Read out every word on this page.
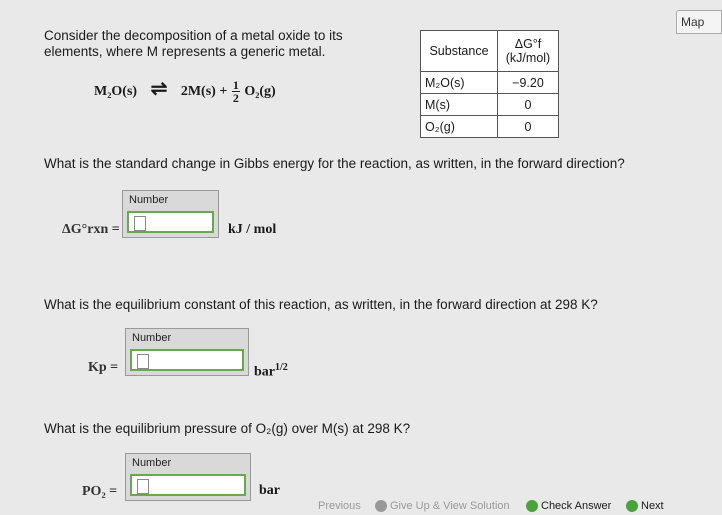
Map
Consider the decomposition of a metal oxide to its
elements, where M represents a generic metal.
M₂O(s) ⇌ $2M(s) + \frac{1}{2} O_2(g)$
Substance	ΔG°f
(kJ/mol)

M₂O(s)	−9.20
M(s)	0
O₂(g)	0
What is the standard change in Gibbs energy for the reaction, as written, in the forward direction?
ΔG°rxn =
Number
kJ / mol
What is the equilibrium constant of this reaction, as written, in the forward direction at 298 K?
Kp =
Number
bar$^{1/2}$
What is the equilibrium pressure of O₂(g) over M(s) at 298 K?
PO₂ =
Number
bar
Previous	Give Up & View Solution	Check Answer	Next
